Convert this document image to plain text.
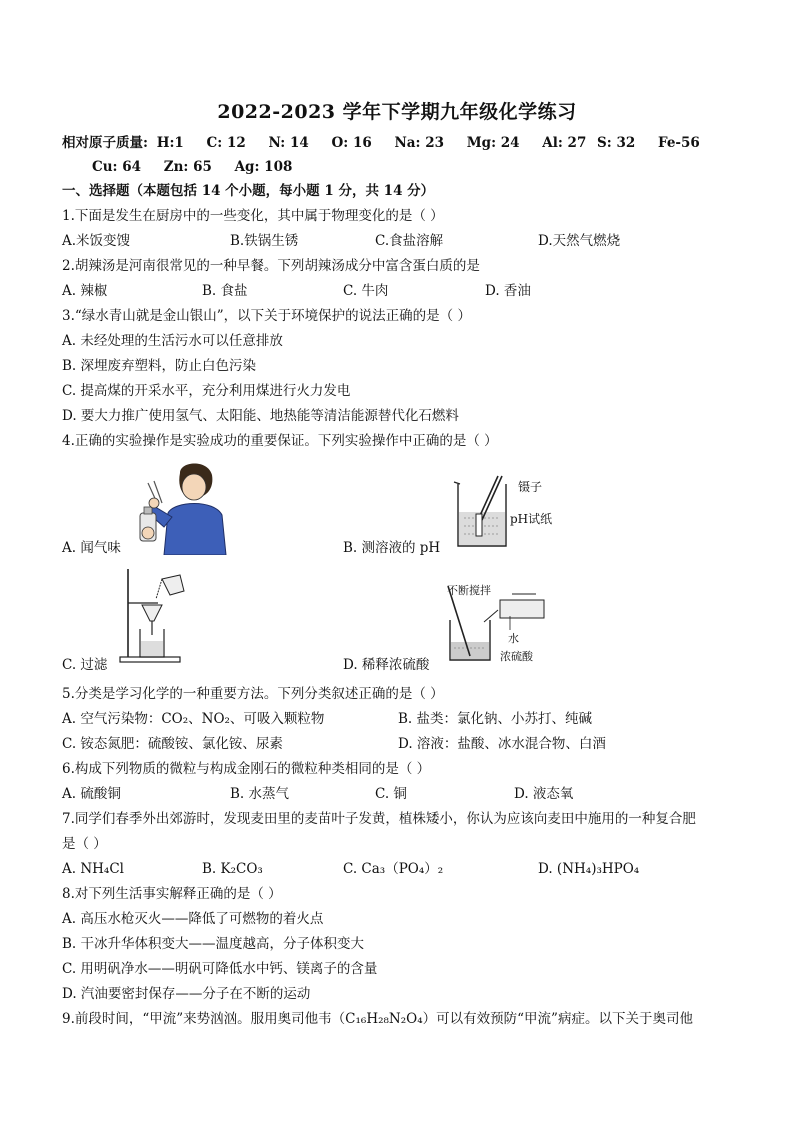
2022-2023 学年下学期九年级化学练习
相对原子质量: H:1 C: 12 N: 14 O: 16 Na: 23 Mg: 24 Al: 27 S: 32 Fe-56
Cu: 64 Zn: 65 Ag: 108
一、选择题（本题包括 14 个小题，每小题 1 分，共 14 分）
1.下面是发生在厨房中的一些变化，其中属于物理变化的是（ ）
A.米饭变馊	B.铁锅生锈	C.食盐溶解	D.天然气燃烧
2.胡辣汤是河南很常见的一种早餐。下列胡辣汤成分中富含蛋白质的是
A. 辣椒	B. 食盐	C. 牛肉	D. 香油
3.“绿水青山就是金山银山”，以下关于环境保护的说法正确的是（ ）
A. 未经处理的生活污水可以任意排放
B. 深埋废弃塑料，防止白色污染
C. 提高煤的开采水平，充分利用煤进行火力发电
D. 要大力推广使用氢气、太阳能、地热能等清洁能源替代化石燃料
4.正确的实验操作是实验成功的重要保证。下列实验操作中正确的是（ ）
A. 闻气味
镊子
pH试纸
B. 测溶液的 pH
C. 过滤
不断搅拌
水
浓硫酸
D. 稀释浓硫酸
5.分类是学习化学的一种重要方法。下列分类叙述正确的是（ ）
A. 空气污染物：CO₂、NO₂、可吸入颗粒物	B. 盐类：氯化钠、小苏打、纯碱
C. 铵态氮肥：硫酸铵、氯化铵、尿素	D. 溶液：盐酸、冰水混合物、白酒
6.构成下列物质的微粒与构成金刚石的微粒种类相同的是（ ）
A. 硫酸铜	B. 水蒸气	C. 铜	D. 液态氧
7.同学们春季外出郊游时，发现麦田里的麦苗叶子发黄，植株矮小，你认为应该向麦田中施用的一种复合肥
是（ ）
A. NH₄Cl	B. K₂CO₃	C. Ca₃（PO₄）₂	D. (NH₄)₃HPO₄
8.对下列生活事实解释正确的是（ ）
A. 高压水枪灭火——降低了可燃物的着火点
B. 干冰升华体积变大——温度越高，分子体积变大
C. 用明矾净水——明矾可降低水中钙、镁离子的含量
D. 汽油要密封保存——分子在不断的运动
9.前段时间，“甲流”来势汹汹。服用奥司他韦（C₁₆H₂₈N₂O₄）可以有效预防“甲流”病症。以下关于奥司他
